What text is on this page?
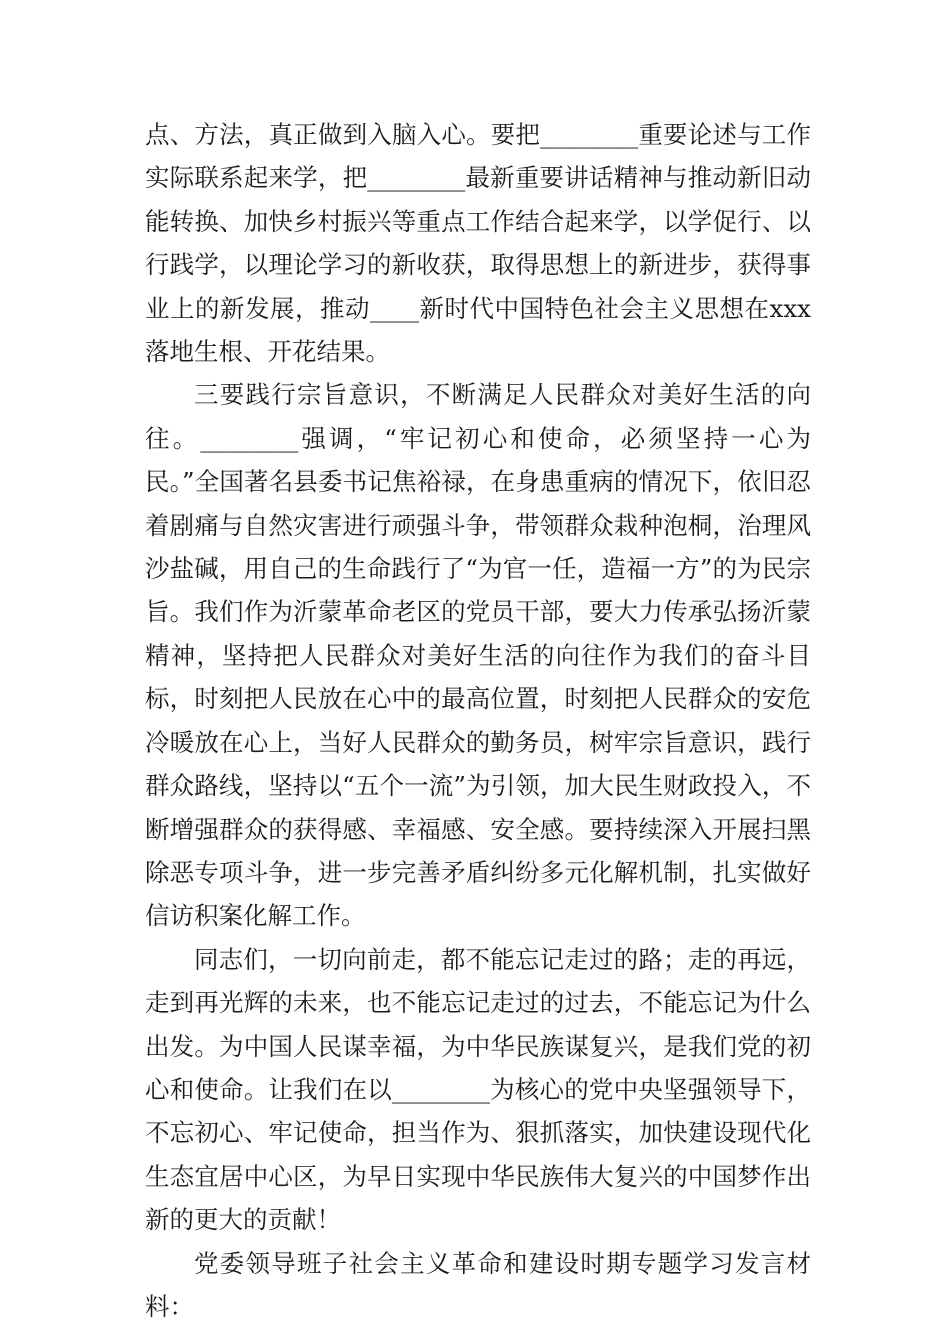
点、方法，真正做到入脑入心。要把________重要论述与工作实际联系起来学，把________最新重要讲话精神与推动新旧动能转换、加快乡村振兴等重点工作结合起来学，以学促行、以行践学，以理论学习的新收获，取得思想上的新进步，获得事业上的新发展，推动____新时代中国特色社会主义思想在xxx落地生根、开花结果。

三要践行宗旨意识，不断满足人民群众对美好生活的向往。________强调，“牢记初心和使命，必须坚持一心为民。”全国著名县委书记焦裕禄，在身患重病的情况下，依旧忍着剧痛与自然灾害进行顽强斗争，带领群众栽种泡桐，治理风沙盐碱，用自己的生命践行了“为官一任，造福一方”的为民宗旨。我们作为沂蒙革命老区的党员干部，要大力传承弘扬沂蒙精神，坚持把人民群众对美好生活的向往作为我们的奋斗目标，时刻把人民放在心中的最高位置，时刻把人民群众的安危冷暖放在心上，当好人民群众的勤务员，树牢宗旨意识，践行群众路线，坚持以“五个一流”为引领，加大民生财政投入，不断增强群众的获得感、幸福感、安全感。要持续深入开展扫黑除恶专项斗争，进一步完善矛盾纠纷多元化解机制，扎实做好信访积案化解工作。

同志们，一切向前走，都不能忘记走过的路；走的再远，走到再光辉的未来，也不能忘记走过的过去，不能忘记为什么出发。为中国人民谋幸福，为中华民族谋复兴，是我们党的初心和使命。让我们在以________为核心的党中央坚强领导下，不忘初心、牢记使命，担当作为、狠抓落实，加快建设现代化生态宜居中心区，为早日实现中华民族伟大复兴的中国梦作出新的更大的贡献！

党委领导班子社会主义革命和建设时期专题学习发言材料：
